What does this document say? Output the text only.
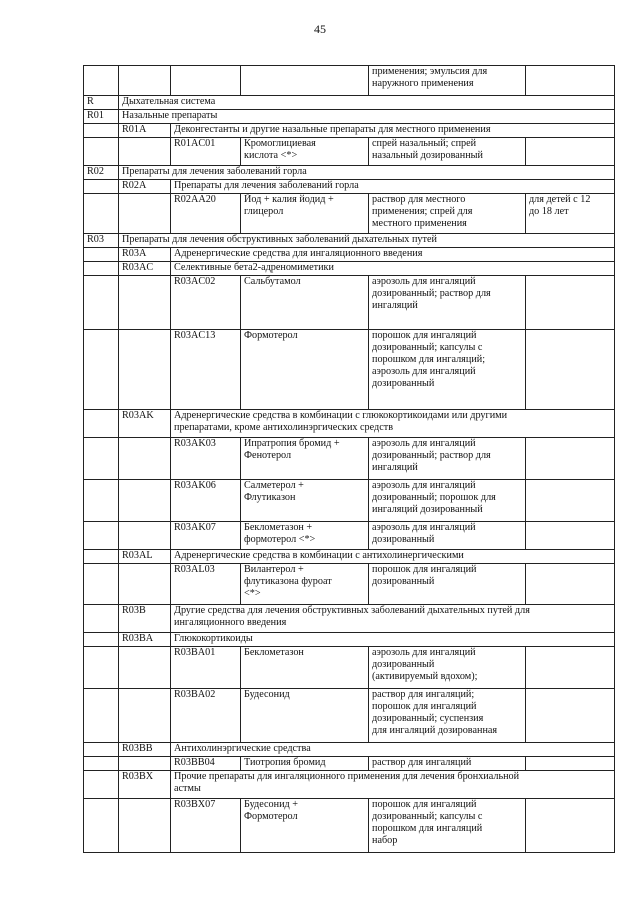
45
				применения; эмульсия для
наружного применения	
R	Дыхательная система				
R01	Назальные препараты				
	R01A	Деконгестанты и другие назальные препараты для местного применения			
		R01AC01	Кромоглициевая
кислота <*>	спрей назальный; спрей
назальный дозированный	
R02	Препараты для лечения заболеваний горла				
	R02A	Препараты для лечения заболеваний горла			
		R02AA20	Йод + калия йодид +
глицерол	раствор для местного
применения; спрей для
местного применения	для детей с 12
до 18 лет
R03	Препараты для лечения обструктивных заболеваний дыхательных путей				
	R03A	Адренергические средства для ингаляционного введения			
	R03AC	Селективные бета2-адреномиметики			
		R03AC02	Сальбутамол	аэрозоль для ингаляций
дозированный; раствор для
ингаляций	
		R03AC13	Формотерол	порошок для ингаляций
дозированный; капсулы с
порошком для ингаляций;
аэрозоль для ингаляций
дозированный	
	R03AK	Адренергические средства в комбинации с глюкокортикоидами или другими
препаратами, кроме антихолинэргических средств			
		R03AK03	Ипратропия бромид +
Фенотерол	аэрозоль для ингаляций
дозированный; раствор для
ингаляций	
		R03AK06	Салметерол +
Флутиказон	аэрозоль для ингаляций
дозированный; порошок для
ингаляций дозированный	
		R03AK07	Беклометазон +
формотерол <*>	аэрозоль для ингаляций
дозированный	
	R03AL	Адренергические средства в комбинации с антихолинергическими			
		R03AL03	Вилантерол +
флутиказона фуроат
<*>	порошок для ингаляций
дозированный	
	R03B	Другие средства для лечения обструктивных заболеваний дыхательных путей для
ингаляционного введения			
	R03BA	Глюкокортикоиды			
		R03BA01	Беклометазон	аэрозоль для ингаляций
дозированный
(активируемый вдохом);	
		R03BA02	Будесонид	раствор для ингаляций;
порошок для ингаляций
дозированный; суспензия
для ингаляций дозированная	
	R03BB	Антихолинэргические средства			
		R03BB04	Тиотропия бромид	раствор для ингаляций	
	R03BX	Прочие препараты для ингаляционного применения для лечения бронхиальной
астмы			
		R03BX07	Будесонид +
Формотерол	порошок для ингаляций
дозированный; капсулы с
порошком для ингаляций
набор	
